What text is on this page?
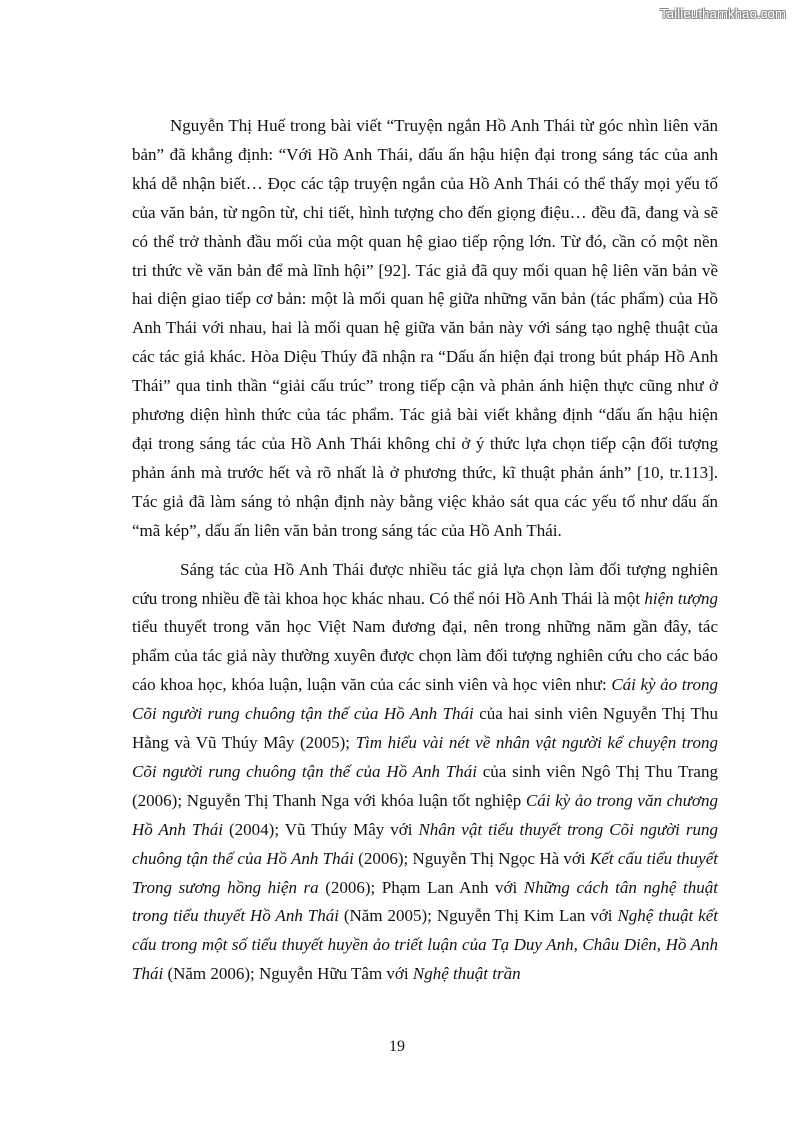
Tailieuthamkhao.com

Nguyễn Thị Huế trong bài viết “Truyện ngắn Hồ Anh Thái từ góc nhìn liên văn bản” đã khẳng định: “Với Hồ Anh Thái, dấu ấn hậu hiện đại trong sáng tác của anh khá dễ nhận biết… Đọc các tập truyện ngắn của Hồ Anh Thái có thể thấy mọi yếu tố của văn bản, từ ngôn từ, chi tiết, hình tượng cho đến giọng điệu… đều đã, đang và sẽ có thể trở thành đầu mối của một quan hệ giao tiếp rộng lớn. Từ đó, cần có một nền tri thức về văn bản để mà lĩnh hội” [92]. Tác giả đã quy mối quan hệ liên văn bản về hai diện giao tiếp cơ bản: một là mối quan hệ giữa những văn bản (tác phẩm) của Hồ Anh Thái với nhau, hai là mối quan hệ giữa văn bản này với sáng tạo nghệ thuật của các tác giả khác. Hòa Diệu Thúy đã nhận ra “Dấu ấn hiện đại trong bút pháp Hồ Anh Thái” qua tinh thần “giải cấu trúc” trong tiếp cận và phản ánh hiện thực cũng như ở phương diện hình thức của tác phẩm. Tác giả bài viết khẳng định “dấu ấn hậu hiện đại trong sáng tác của Hồ Anh Thái không chỉ ở ý thức lựa chọn tiếp cận đối tượng phản ánh mà trước hết và rõ nhất là ở phương thức, kĩ thuật phản ánh” [10, tr.113]. Tác giả đã làm sáng tỏ nhận định này bằng việc khảo sát qua các yếu tố như dấu ấn “mã kép”, dấu ấn liên văn bản trong sáng tác của Hồ Anh Thái.

Sáng tác của Hồ Anh Thái được nhiều tác giả lựa chọn làm đối tượng nghiên cứu trong nhiều đề tài khoa học khác nhau. Có thể nói Hồ Anh Thái là một hiện tượng tiểu thuyết trong văn học Việt Nam đương đại, nên trong những năm gần đây, tác phẩm của tác giả này thường xuyên được chọn làm đối tượng nghiên cứu cho các báo cáo khoa học, khóa luận, luận văn của các sinh viên và học viên như: Cái kỳ ảo trong Cõi người rung chuông tận thế của Hồ Anh Thái của hai sinh viên Nguyễn Thị Thu Hằng và Vũ Thúy Mây (2005); Tìm hiểu vài nét về nhân vật người kể chuyện trong Cõi người rung chuông tận thế của Hồ Anh Thái của sinh viên Ngô Thị Thu Trang (2006); Nguyễn Thị Thanh Nga với khóa luận tốt nghiệp Cái kỳ ảo trong văn chương Hồ Anh Thái (2004); Vũ Thúy Mây với Nhân vật tiểu thuyết trong Cõi người rung chuông tận thế của Hồ Anh Thái (2006); Nguyễn Thị Ngọc Hà với Kết cấu tiểu thuyết Trong sương hồng hiện ra (2006); Phạm Lan Anh với Những cách tân nghệ thuật trong tiểu thuyết Hồ Anh Thái (Năm 2005); Nguyễn Thị Kim Lan với Nghệ thuật kết cấu trong một số tiểu thuyết huyền ảo triết luận của Tạ Duy Anh, Châu Diên, Hồ Anh Thái (Năm 2006); Nguyễn Hữu Tâm với Nghệ thuật trần

19
